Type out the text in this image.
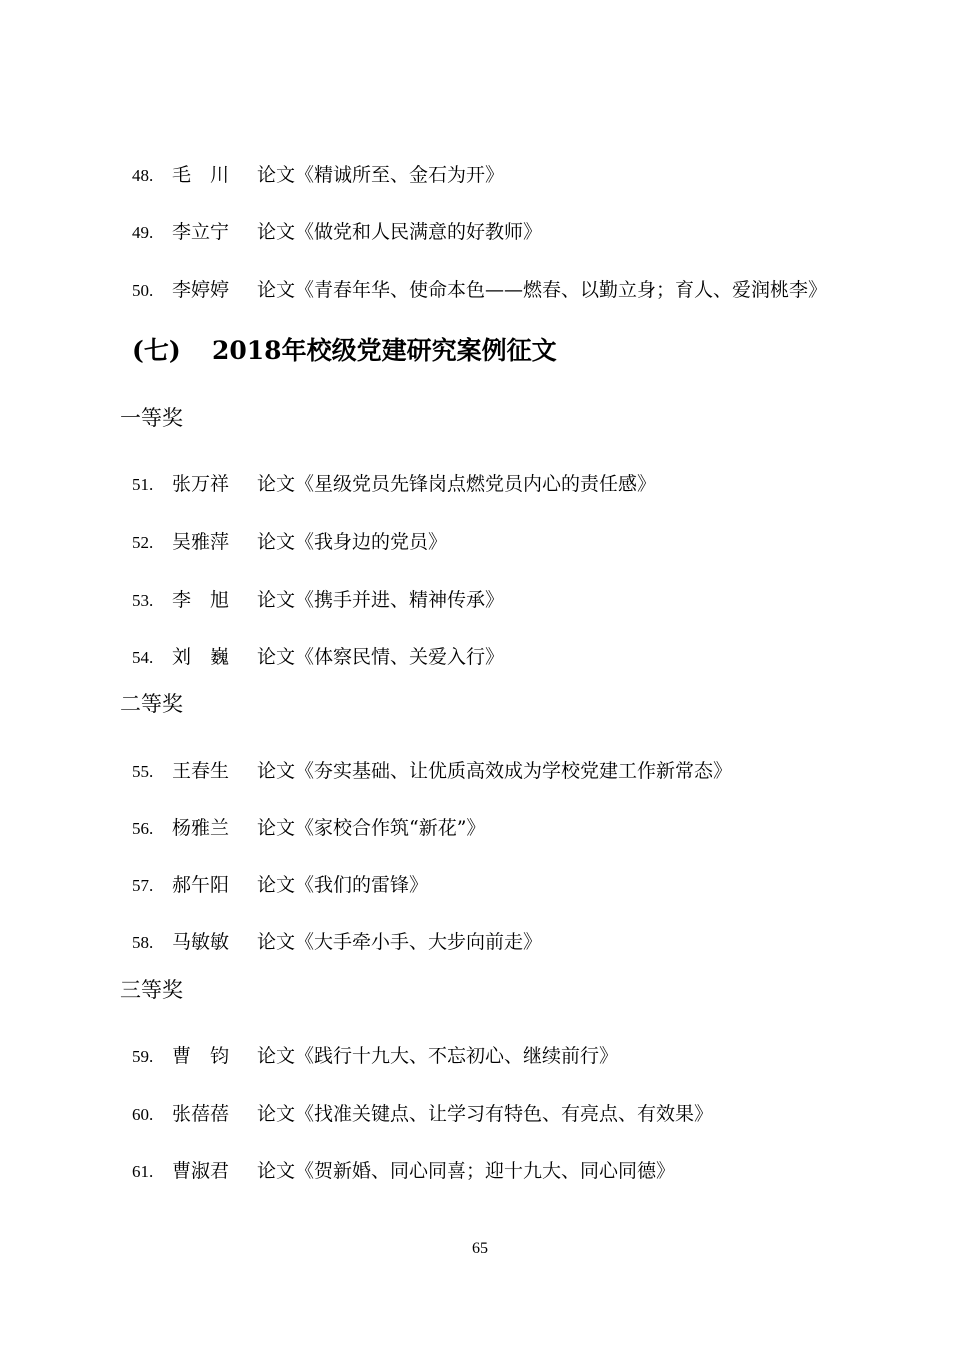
48. 毛　川 论文《精诚所至、金石为开》
49. 李立宁 论文《做党和人民满意的好教师》
50. 李婷婷 论文《青春年华、使命本色——燃春、以勤立身；育人、爱润桃李》
(七) 2018年校级党建研究案例征文
一等奖
51. 张万祥 论文《星级党员先锋岗点燃党员内心的责任感》
52. 吴雅萍 论文《我身边的党员》
53. 李　旭 论文《携手并进、精神传承》
54. 刘　巍 论文《体察民情、关爱入行》
二等奖
55. 王春生 论文《夯实基础、让优质高效成为学校党建工作新常态》
56. 杨雅兰 论文《家校合作筑“新花”》
57. 郝午阳 论文《我们的雷锋》
58. 马敏敏 论文《大手牵小手、大步向前走》
三等奖
59. 曹　钧 论文《践行十九大、不忘初心、继续前行》
60. 张蓓蓓 论文《找准关键点、让学习有特色、有亮点、有效果》
61. 曹淑君 论文《贺新婚、同心同喜；迎十九大、同心同德》
65
